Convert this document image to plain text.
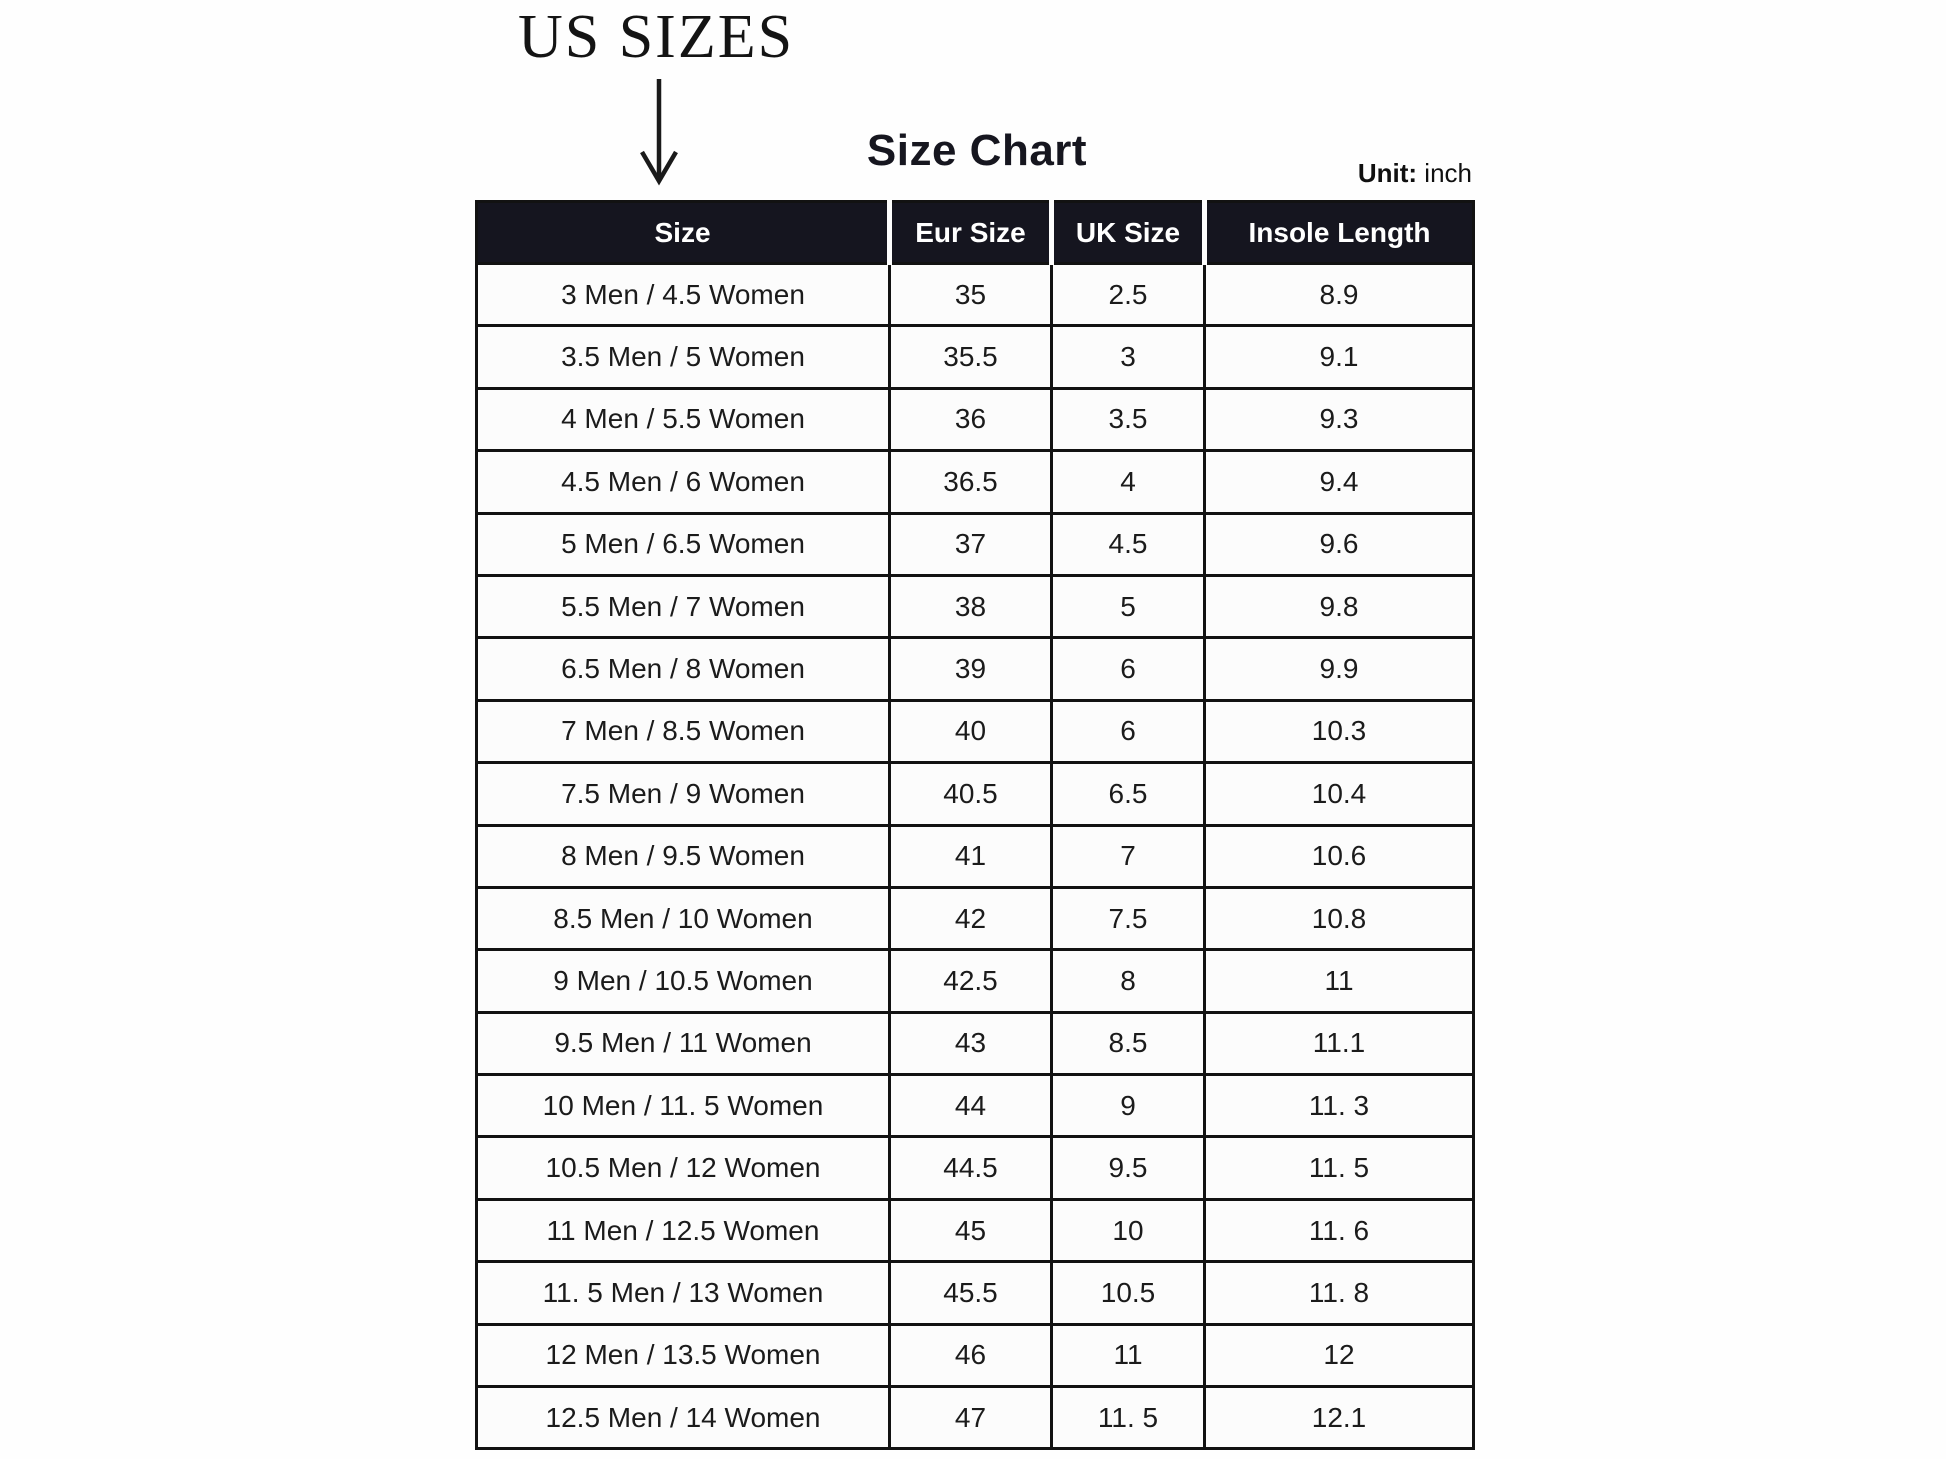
US SIZES
Size Chart	Unit: inch
Size	Eur Size	UK Size	Insole Length
3 Men / 4.5 Women	35	2.5	8.9
3.5 Men / 5 Women	35.5	3	9.1
4 Men / 5.5 Women	36	3.5	9.3
4.5 Men / 6 Women	36.5	4	9.4
5 Men / 6.5 Women	37	4.5	9.6
5.5 Men / 7 Women	38	5	9.8
6.5 Men / 8 Women	39	6	9.9
7 Men / 8.5 Women	40	6	10.3
7.5 Men / 9 Women	40.5	6.5	10.4
8 Men / 9.5 Women	41	7	10.6
8.5 Men / 10 Women	42	7.5	10.8
9 Men / 10.5 Women	42.5	8	11
9.5 Men / 11 Women	43	8.5	11.1
10 Men / 11. 5 Women	44	9	11. 3
10.5 Men / 12 Women	44.5	9.5	11. 5
11 Men / 12.5 Women	45	10	11. 6
11. 5 Men / 13 Women	45.5	10.5	11. 8
12 Men / 13.5 Women	46	11	12
12.5 Men / 14 Women	47	11. 5	12.1
